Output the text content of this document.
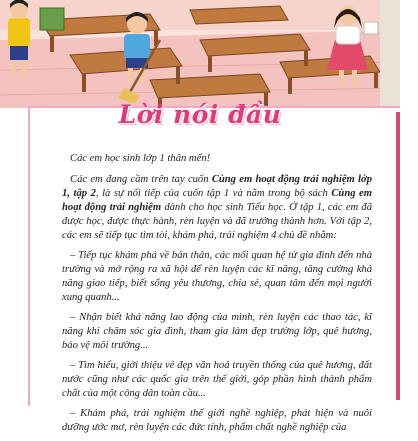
Lời nói đầu

Các em học sinh lớp 1 thân mến!

Các em đang cầm trên tay cuốn Cùng em hoạt động trải nghiệm lớp 1, tập 2, là sự nối tiếp của cuốn tập 1 và nằm trong bộ sách Cùng em hoạt động trải nghiệm dành cho học sinh Tiểu học. Ở tập 1, các em đã được học, được thực hành, rèn luyện và đã trưởng thành hơn. Với tập 2, các em sẽ tiếp tục tìm tòi, khám phá, trải nghiệm 4 chủ đề nhằm:

– Tiếp tục khám phá về bản thân, các mối quan hệ từ gia đình đến nhà trường và mở rộng ra xã hội để rèn luyện các kĩ năng, tăng cường khả năng giao tiếp, biết sống yêu thương, chia sẻ, quan tâm đến mọi người xung quanh...

– Nhận biết khả năng lao động của mình, rèn luyện các thao tác, kĩ năng khi chăm sóc gia đình, tham gia làm đẹp trường lớp, quê hương, bảo vệ môi trường...

– Tìm hiểu, giới thiệu vẻ đẹp văn hoá truyền thống của quê hương, đất nước cũng như các quốc gia trên thế giới, góp phần hình thành phẩm chất của một công dân toàn cầu...

– Khám phá, trải nghiệm thế giới nghề nghiệp, phát hiện và nuôi dưỡng ước mơ, rèn luyện các đức tính, phẩm chất nghề nghiệp của
